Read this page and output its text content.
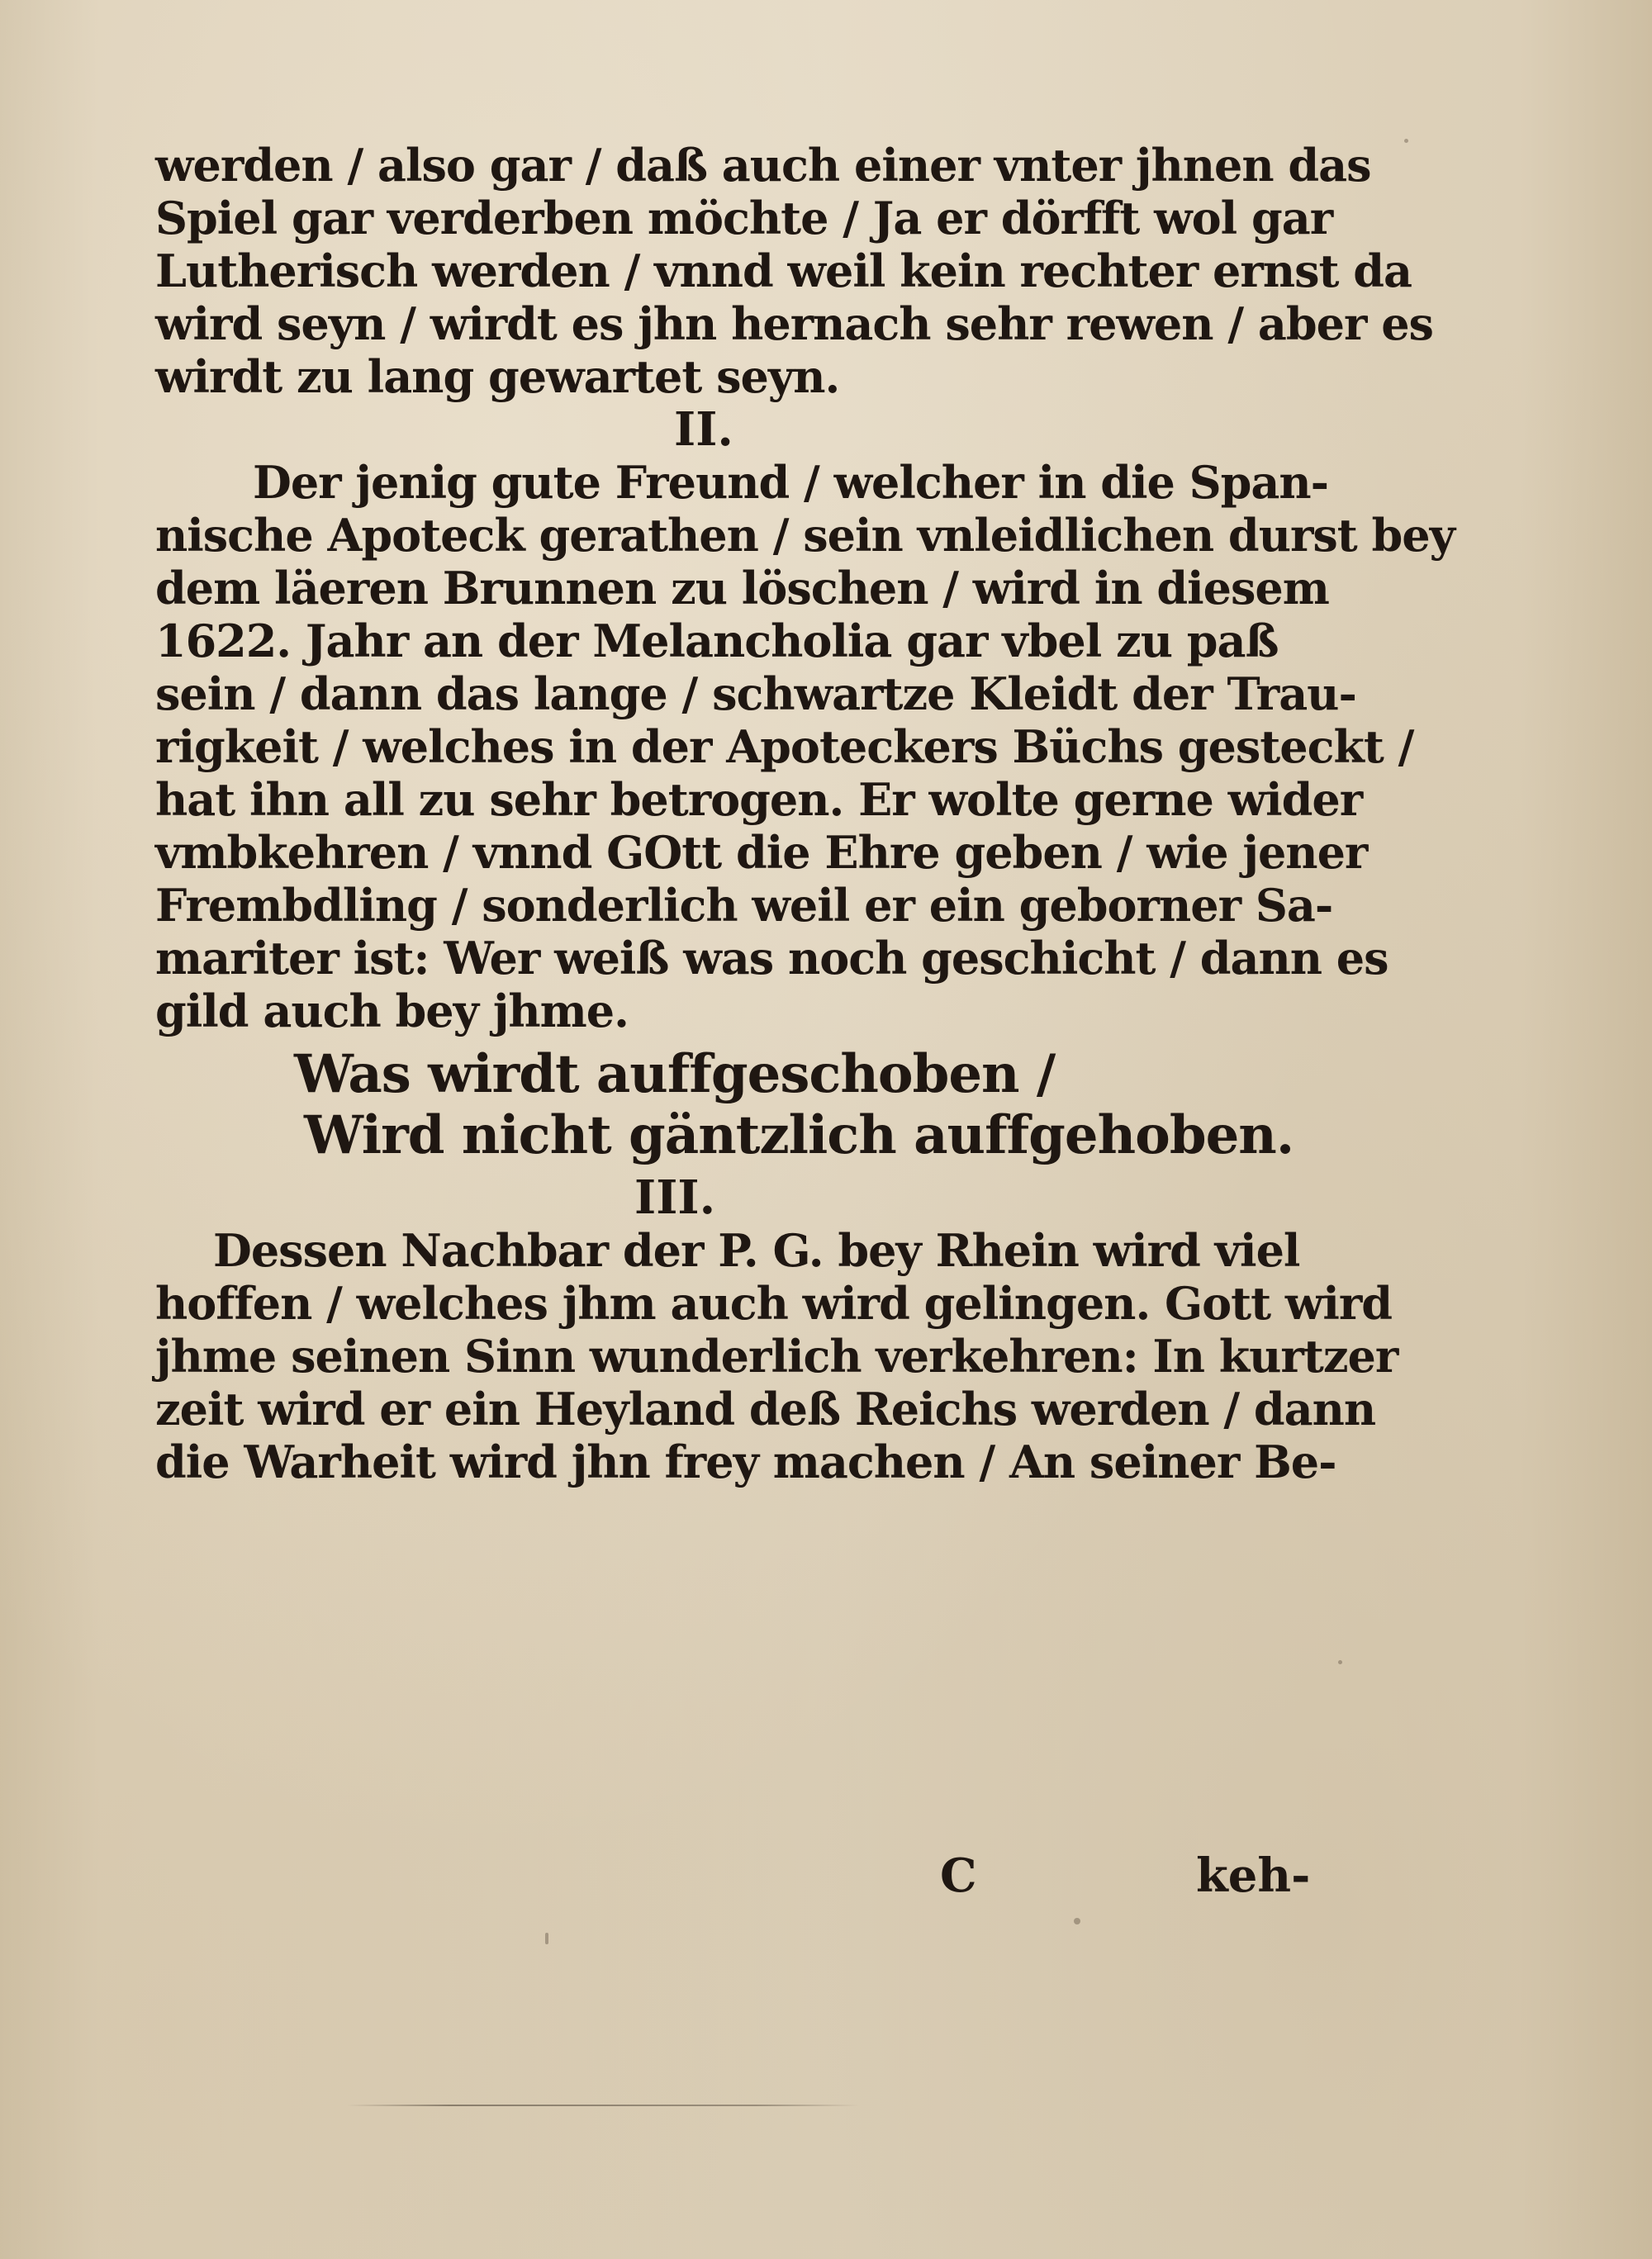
werden / also gar / daß auch einer vnter jhnen das
Spiel gar verderben möchte / Ja er dörfft wol gar
Lutherisch werden / vnnd weil kein rechter ernst da
wird seyn / wirdt es jhn hernach sehr rewen / aber es
wirdt zu lang gewartet seyn.
II.
Der jenig gute Freund / welcher in die Span-
nische Apoteck gerathen / sein vnleidlichen durst bey
dem läeren Brunnen zu löschen / wird in diesem
1622. Jahr an der Melancholia gar vbel zu paß
sein / dann das lange / schwartze Kleidt der Trau-
rigkeit / welches in der Apoteckers Büchs gesteckt /
hat ihn all zu sehr betrogen. Er wolte gerne wider
vmbkehren / vnnd GOtt die Ehre geben / wie jener
Frembdling / sonderlich weil er ein geborner Sa-
mariter ist: Wer weiß was noch geschicht / dann es
gild auch bey jhme.
Was wirdt auffgeschoben /
Wird nicht gäntzlich auffgehoben.
III.
Dessen Nachbar der P. G. bey Rhein wird viel
hoffen / welches jhm auch wird gelingen. Gott wird
jhme seinen Sinn wunderlich verkehren: In kurtzer
zeit wird er ein Heyland deß Reichs werden / dann
die Warheit wird jhn frey machen / An seiner Be-
C	keh-
